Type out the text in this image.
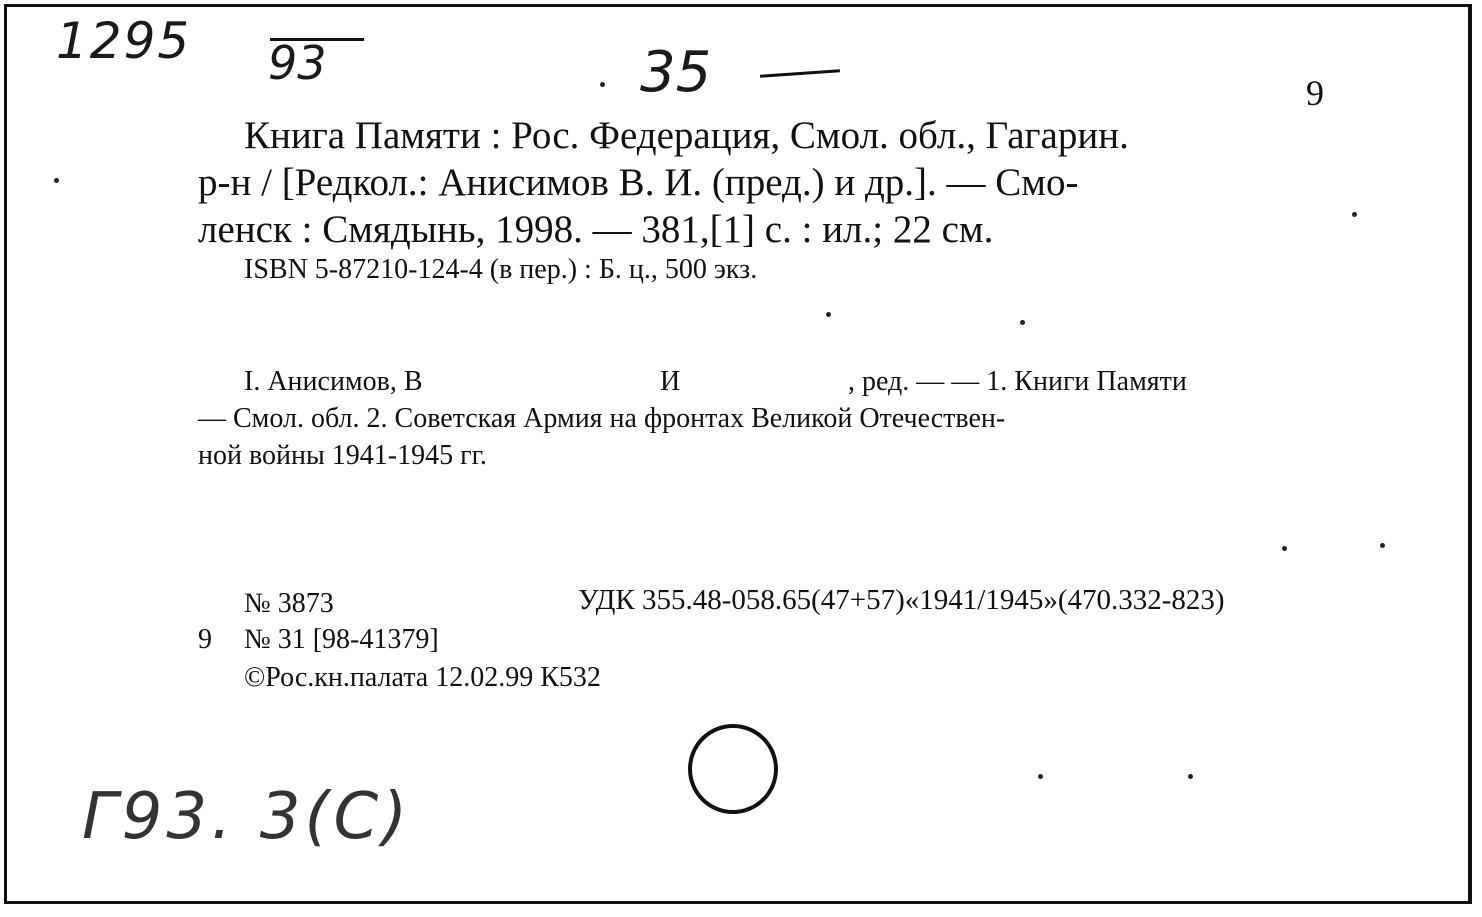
1295 93	35
Г93. 3(С)
9
Книга Памяти : Рос. Федерация, Смол. обл., Гагарин.
р-н / [Редкол.: Анисимов В. И. (пред.) и др.]. — Смо-
ленск : Смядынь, 1998. — 381,[1] с. : ил.; 22 см.
ISBN 5-87210-124-4 (в пер.) : Б. ц., 500 экз.
I. Анисимов, В	И	, ред. — — 1. Книги Памяти
— Смол. обл. 2. Советская Армия на фронтах Великой Отечествен-
ной войны 1941-1945 гг.
№ 3873	УДК 355.48-058.65(47+57)«1941/1945»(470.332-823)
9 № 31 [98-41379]
©Рос.кн.палата 12.02.99 К532
